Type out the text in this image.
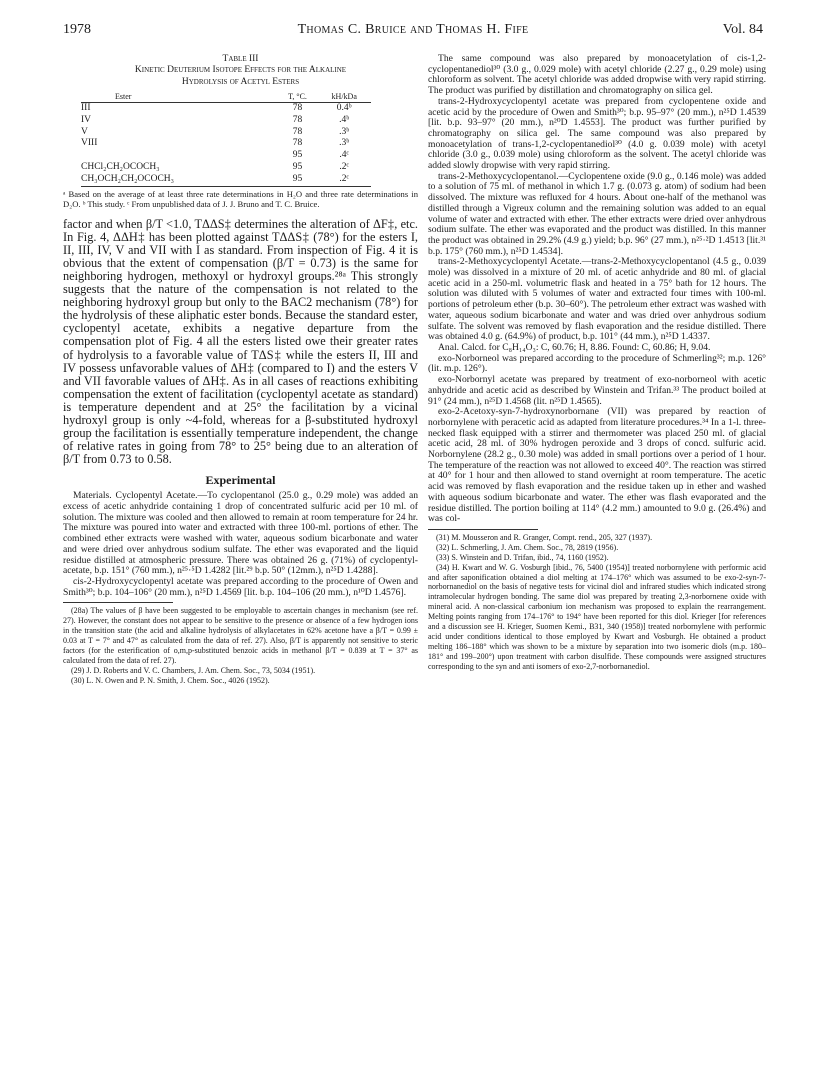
1978	Thomas C. Bruice and Thomas H. Fife	Vol. 84

Table III

Kinetic Deuterium Isotope Effects for the Alkaline
Hydrolysis of Acetyl Esters

Ester	T, °C.	kH/kDa
III	78	0.4ᵇ
IV	78	.4ᵇ
V	78	.3ᵇ
VIII	78	.3ᵇ
	95	.4ᶜ
CHCl₂CH₂OCOCH₃	95	.2ᶜ
CH₃OCH₂CH₂OCOCH₃	95	.2ᶜ

ᵃ Based on the average of at least three rate determinations in H₂O and three rate determinations in D₂O. ᵇ This study. ᶜ From unpublished data of J. J. Bruno and T. C. Bruice.

factor and when β/T <1.0, TΔΔS‡ determines the alteration of ΔF‡, etc. In Fig. 4, ΔΔH‡ has been plotted against TΔΔS‡ (78°) for the esters I, II, III, IV, V and VII with I as standard. From inspection of Fig. 4 it is obvious that the extent of compensation (β/T = 0.73) is the same for neighboring hydrogen, methoxyl or hydroxyl groups.²⁸ᵃ This strongly suggests that the nature of the compensation is not related to the neighboring hydroxyl group but only to the BAC2 mechanism (78°) for the hydrolysis of these aliphatic ester bonds. Because the standard ester, cyclopentyl acetate, exhibits a negative departure from the compensation plot of Fig. 4 all the esters listed owe their greater rates of hydrolysis to a favorable value of TΔS‡ while the esters II, III and IV possess unfavorable values of ΔH‡ (compared to I) and the esters V and VII favorable values of ΔH‡. As in all cases of reactions exhibiting compensation the extent of facilitation (cyclopentyl acetate as standard) is temperature dependent and at 25° the facilitation by a vicinal hydroxyl group is only ~4-fold, whereas for a β-substituted hydroxyl group the facilitation is essentially temperature independent, the change of relative rates in going from 78° to 25° being due to an alteration of β/T from 0.73 to 0.58.

Experimental

Materials. Cyclopentyl Acetate.—To cyclopentanol (25.0 g., 0.29 mole) was added an excess of acetic anhydride containing 1 drop of concentrated sulfuric acid per 10 ml. of solution. The mixture was cooled and then allowed to remain at room temperature for 24 hr. The mixture was poured into water and extracted with three 100-ml. portions of ether. The combined ether extracts were washed with water, aqueous sodium bicarbonate and water and were dried over anhydrous sodium sulfate. The ether was evaporated and the liquid residue distilled at atmospheric pressure. There was obtained 26 g. (71%) of cyclopentyl-acetate, b.p. 151° (760 mm.), n²⁵·⁵D 1.4282 [lit.²⁹ b.p. 50° (12mm.), n²⁵D 1.4288].

cis-2-Hydroxycyclopentyl acetate was prepared according to the procedure of Owen and Smith³⁰; b.p. 104–106° (20 mm.), n²⁵D 1.4569 [lit. b.p. 104–106 (20 mm.), n¹⁰D 1.4576].

(28a) The values of β have been suggested to be employable to ascertain changes in mechanism (see ref. 27). However, the constant does not appear to be sensitive to the presence or absence of a few hydrogen ions in the transition state (the acid and alkaline hydrolysis of alkylacetates in 62% acetone have a β/T = 0.99 ± 0.03 at T = 7° and 47° as calculated from the data of ref. 27). Also, β/T is apparently not sensitive to steric factors (for the esterification of o,m,p-substituted benzoic acids in methanol β/T = 0.839 at T = 37° as calculated from the data of ref. 27).

(29) J. D. Roberts and V. C. Chambers, J. Am. Chem. Soc., 73, 5034 (1951).

(30) L. N. Owen and P. N. Smith, J. Chem. Soc., 4026 (1952).

The same compound was also prepared by monoacetylation of cis-1,2-cyclopentanediol³⁰ (3.0 g., 0.029 mole) with acetyl chloride (2.27 g., 0.29 mole) using chloroform as solvent. The acetyl chloride was added dropwise with very rapid stirring. The product was purified by distillation and chromatography on silica gel.

trans-2-Hydroxycyclopentyl acetate was prepared from cyclopentene oxide and acetic acid by the procedure of Owen and Smith³⁰; b.p. 95–97° (20 mm.), n²⁵D 1.4539 [lit. b.p. 93–97° (20 mm.), n²⁰D 1.4553]. The product was further purified by chromatography on silica gel. The same compound was also prepared by monoacetylation of trans-1,2-cyclopentanediol³⁰ (4.0 g. 0.039 mole) with acetyl chloride (3.0 g., 0.039 mole) using chloroform as the solvent. The acetyl chloride was added slowly dropwise with very rapid stirring.

trans-2-Methoxycyclopentanol.—Cyclopentene oxide (9.0 g., 0.146 mole) was added to a solution of 75 ml. of methanol in which 1.7 g. (0.073 g. atom) of sodium had been dissolved. The mixture was refluxed for 4 hours. About one-half of the methanol was distilled through a Vigreux column and the remaining solution was added to an equal volume of water and extracted with ether. The ether extracts were dried over anhydrous sodium sulfate. The ether was evaporated and the product was distilled. In this manner the product was obtained in 29.2% (4.9 g.) yield; b.p. 96° (27 mm.), n²⁵·²D 1.4513 [lit.³¹ b.p. 175° (760 mm.), n²⁵D 1.4534].

trans-2-Methoxycyclopentyl Acetate.—trans-2-Methoxycyclopentanol (4.5 g., 0.039 mole) was dissolved in a mixture of 20 ml. of acetic anhydride and 80 ml. of glacial acetic acid in a 250-ml. volumetric flask and heated in a 75° bath for 12 hours. The solution was diluted with 5 volumes of water and extracted four times with 100-ml. portions of petroleum ether (b.p. 30–60°). The petroleum ether extract was washed with water, aqueous sodium bicarbonate and water and was dried over anhydrous sodium sulfate. The solvent was removed by flash evaporation and the residue distilled. There was obtained 4.0 g. (64.9%) of product, b.p. 101° (44 mm.), n²⁵D 1.4337.

Anal. Calcd. for C₈H₁₄O₃: C, 60.76; H, 8.86. Found: C, 60.86; H, 9.04.

exo-Norborneol was prepared according to the procedure of Schmerling³²; m.p. 126° (lit. m.p. 126°).

exo-Norbornyl acetate was prepared by treatment of exo-norborneol with acetic anhydride and acetic acid as described by Winstein and Trifan.³³ The product boiled at 91° (24 mm.), n²⁵D 1.4568 (lit. n²⁵D 1.4565).

exo-2-Acetoxy-syn-7-hydroxynorbornane (VII) was prepared by reaction of norbornylene with peracetic acid as adapted from literature procedures.³⁴ In a 1-l. three-necked flask equipped with a stirrer and thermometer was placed 250 ml. of glacial acetic acid, 28 ml. of 30% hydrogen peroxide and 3 drops of concd. sulfuric acid. Norbornylene (28.2 g., 0.30 mole) was added in small portions over a period of 1 hour. The temperature of the reaction was not allowed to exceed 40°. The reaction was stirred at 40° for 1 hour and then allowed to stand overnight at room temperature. The acetic acid was removed by flash evaporation and the residue taken up in ether and washed with aqueous sodium bicarbonate and water. The ether was flash evaporated and the residue distilled. The portion boiling at 114° (4.2 mm.) amounted to 9.0 g. (26.4%) and was col-

(31) M. Mousseron and R. Granger, Compt. rend., 205, 327 (1937).

(32) L. Schmerling, J. Am. Chem. Soc., 78, 2819 (1956).

(33) S. Winstein and D. Trifan, ibid., 74, 1160 (1952).

(34) H. Kwart and W. G. Vosburgh [ibid., 76, 5400 (1954)] treated norbornylene with performic acid and after saponification obtained a diol melting at 174–176° which was assumed to be exo-2-syn-7-norbornanediol on the basis of negative tests for vicinal diol and infrared studies which indicated strong intramolecular hydrogen bonding. The same diol was prepared by treating 2,3-norbornene oxide with mineral acid. A non-classical carbonium ion mechanism was proposed to explain the rearrangement. Melting points ranging from 174–176° to 194° have been reported for this diol. Krieger [for references and a discussion see H. Krieger, Suomen Kemi., B31, 340 (1958)] treated norbornylene with performic acid under conditions identical to those employed by Kwart and Vosburgh. He obtained a product melting 186–188° which was shown to be a mixture by separation into two isomeric diols (m.p. 180–181° and 199–200°) upon treatment with carbon disulfide. These compounds were assigned structures corresponding to the syn and anti isomers of exo-2,7-norbornanediol.
